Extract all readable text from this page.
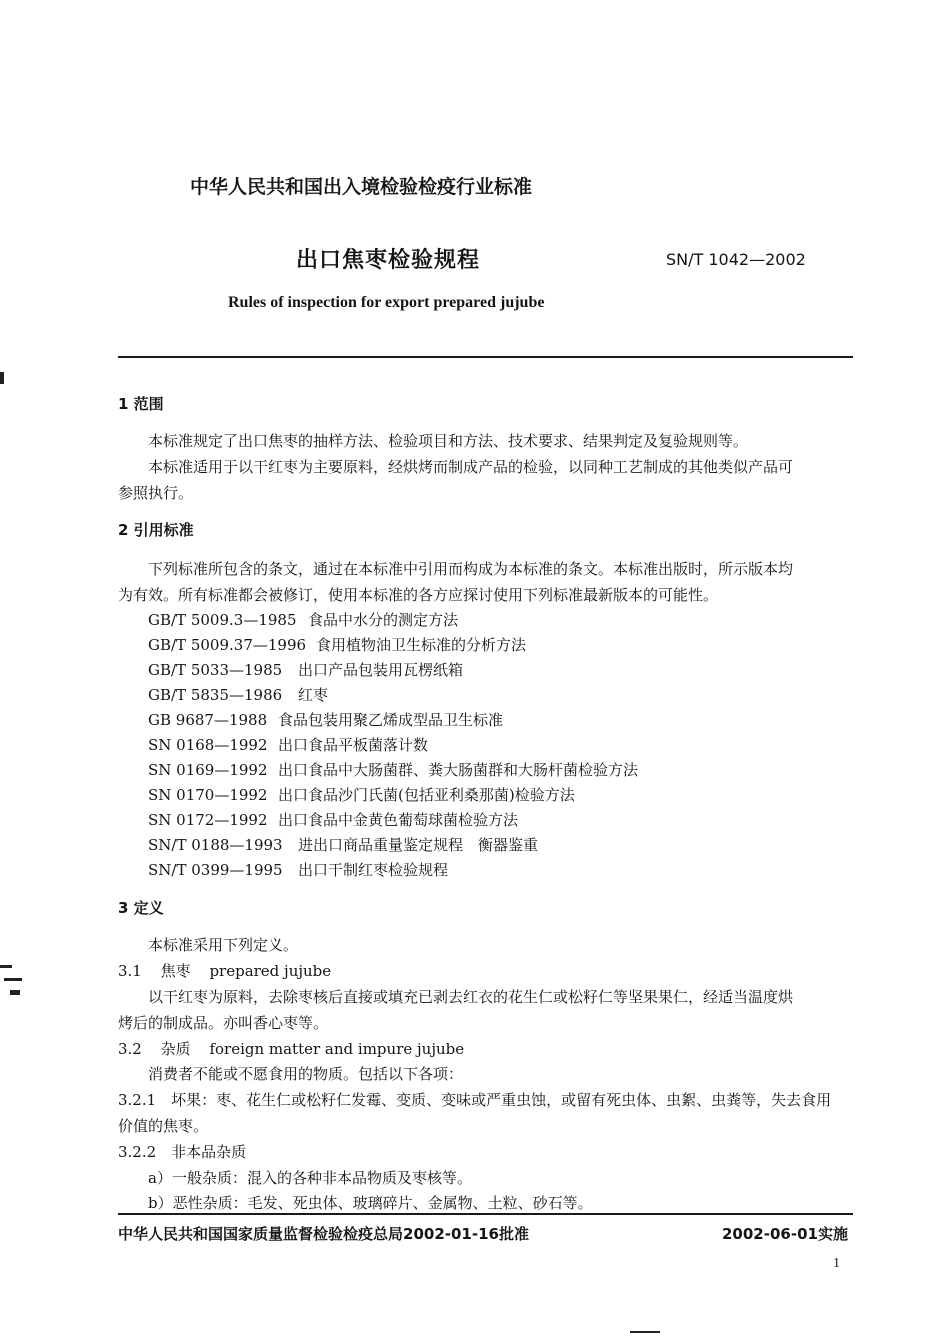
中华人民共和国出入境检验检疫行业标准
出口焦枣检验规程	SN/T 1042—2002
Rules of inspection for export prepared jujube
1 范围
本标准规定了出口焦枣的抽样方法、检验项目和方法、技术要求、结果判定及复验规则等。
本标准适用于以干红枣为主要原料，经烘烤而制成产品的检验，以同种工艺制成的其他类似产品可
参照执行。
2 引用标准
下列标准所包含的条文，通过在本标准中引用而构成为本标准的条文。本标准出版时，所示版本均
为有效。所有标准都会被修订，使用本标准的各方应探讨使用下列标准最新版本的可能性。
GB/T 5009.3—1985 食品中水分的测定方法
GB/T 5009.37—1996 食用植物油卫生标准的分析方法
GB/T 5033—1985 出口产品包装用瓦楞纸箱
GB/T 5835—1986 红枣
GB 9687—1988 食品包装用聚乙烯成型品卫生标准
SN 0168—1992 出口食品平板菌落计数
SN 0169—1992 出口食品中大肠菌群、粪大肠菌群和大肠杆菌检验方法
SN 0170—1992 出口食品沙门氏菌(包括亚利桑那菌)检验方法
SN 0172—1992 出口食品中金黄色葡萄球菌检验方法
SN/T 0188—1993 进出口商品重量鉴定规程　衡器鉴重
SN/T 0399—1995 出口干制红枣检验规程
3 定义
本标准采用下列定义。
3.1 焦枣 prepared jujube
以干红枣为原料，去除枣核后直接或填充已剥去红衣的花生仁或松籽仁等坚果果仁，经适当温度烘
烤后的制成品。亦叫香心枣等。
3.2 杂质 foreign matter and impure jujube
消费者不能或不愿食用的物质。包括以下各项：
3.2.1　坏果：枣、花生仁或松籽仁发霉、变质、变味或严重虫蚀，或留有死虫体、虫絮、虫粪等，失去食用
价值的焦枣。
3.2.2　非本品杂质
a）一般杂质：混入的各种非本品物质及枣核等。
b）恶性杂质：毛发、死虫体、玻璃碎片、金属物、土粒、砂石等。
中华人民共和国国家质量监督检验检疫总局2002-01-16批准	2002-06-01实施
1
